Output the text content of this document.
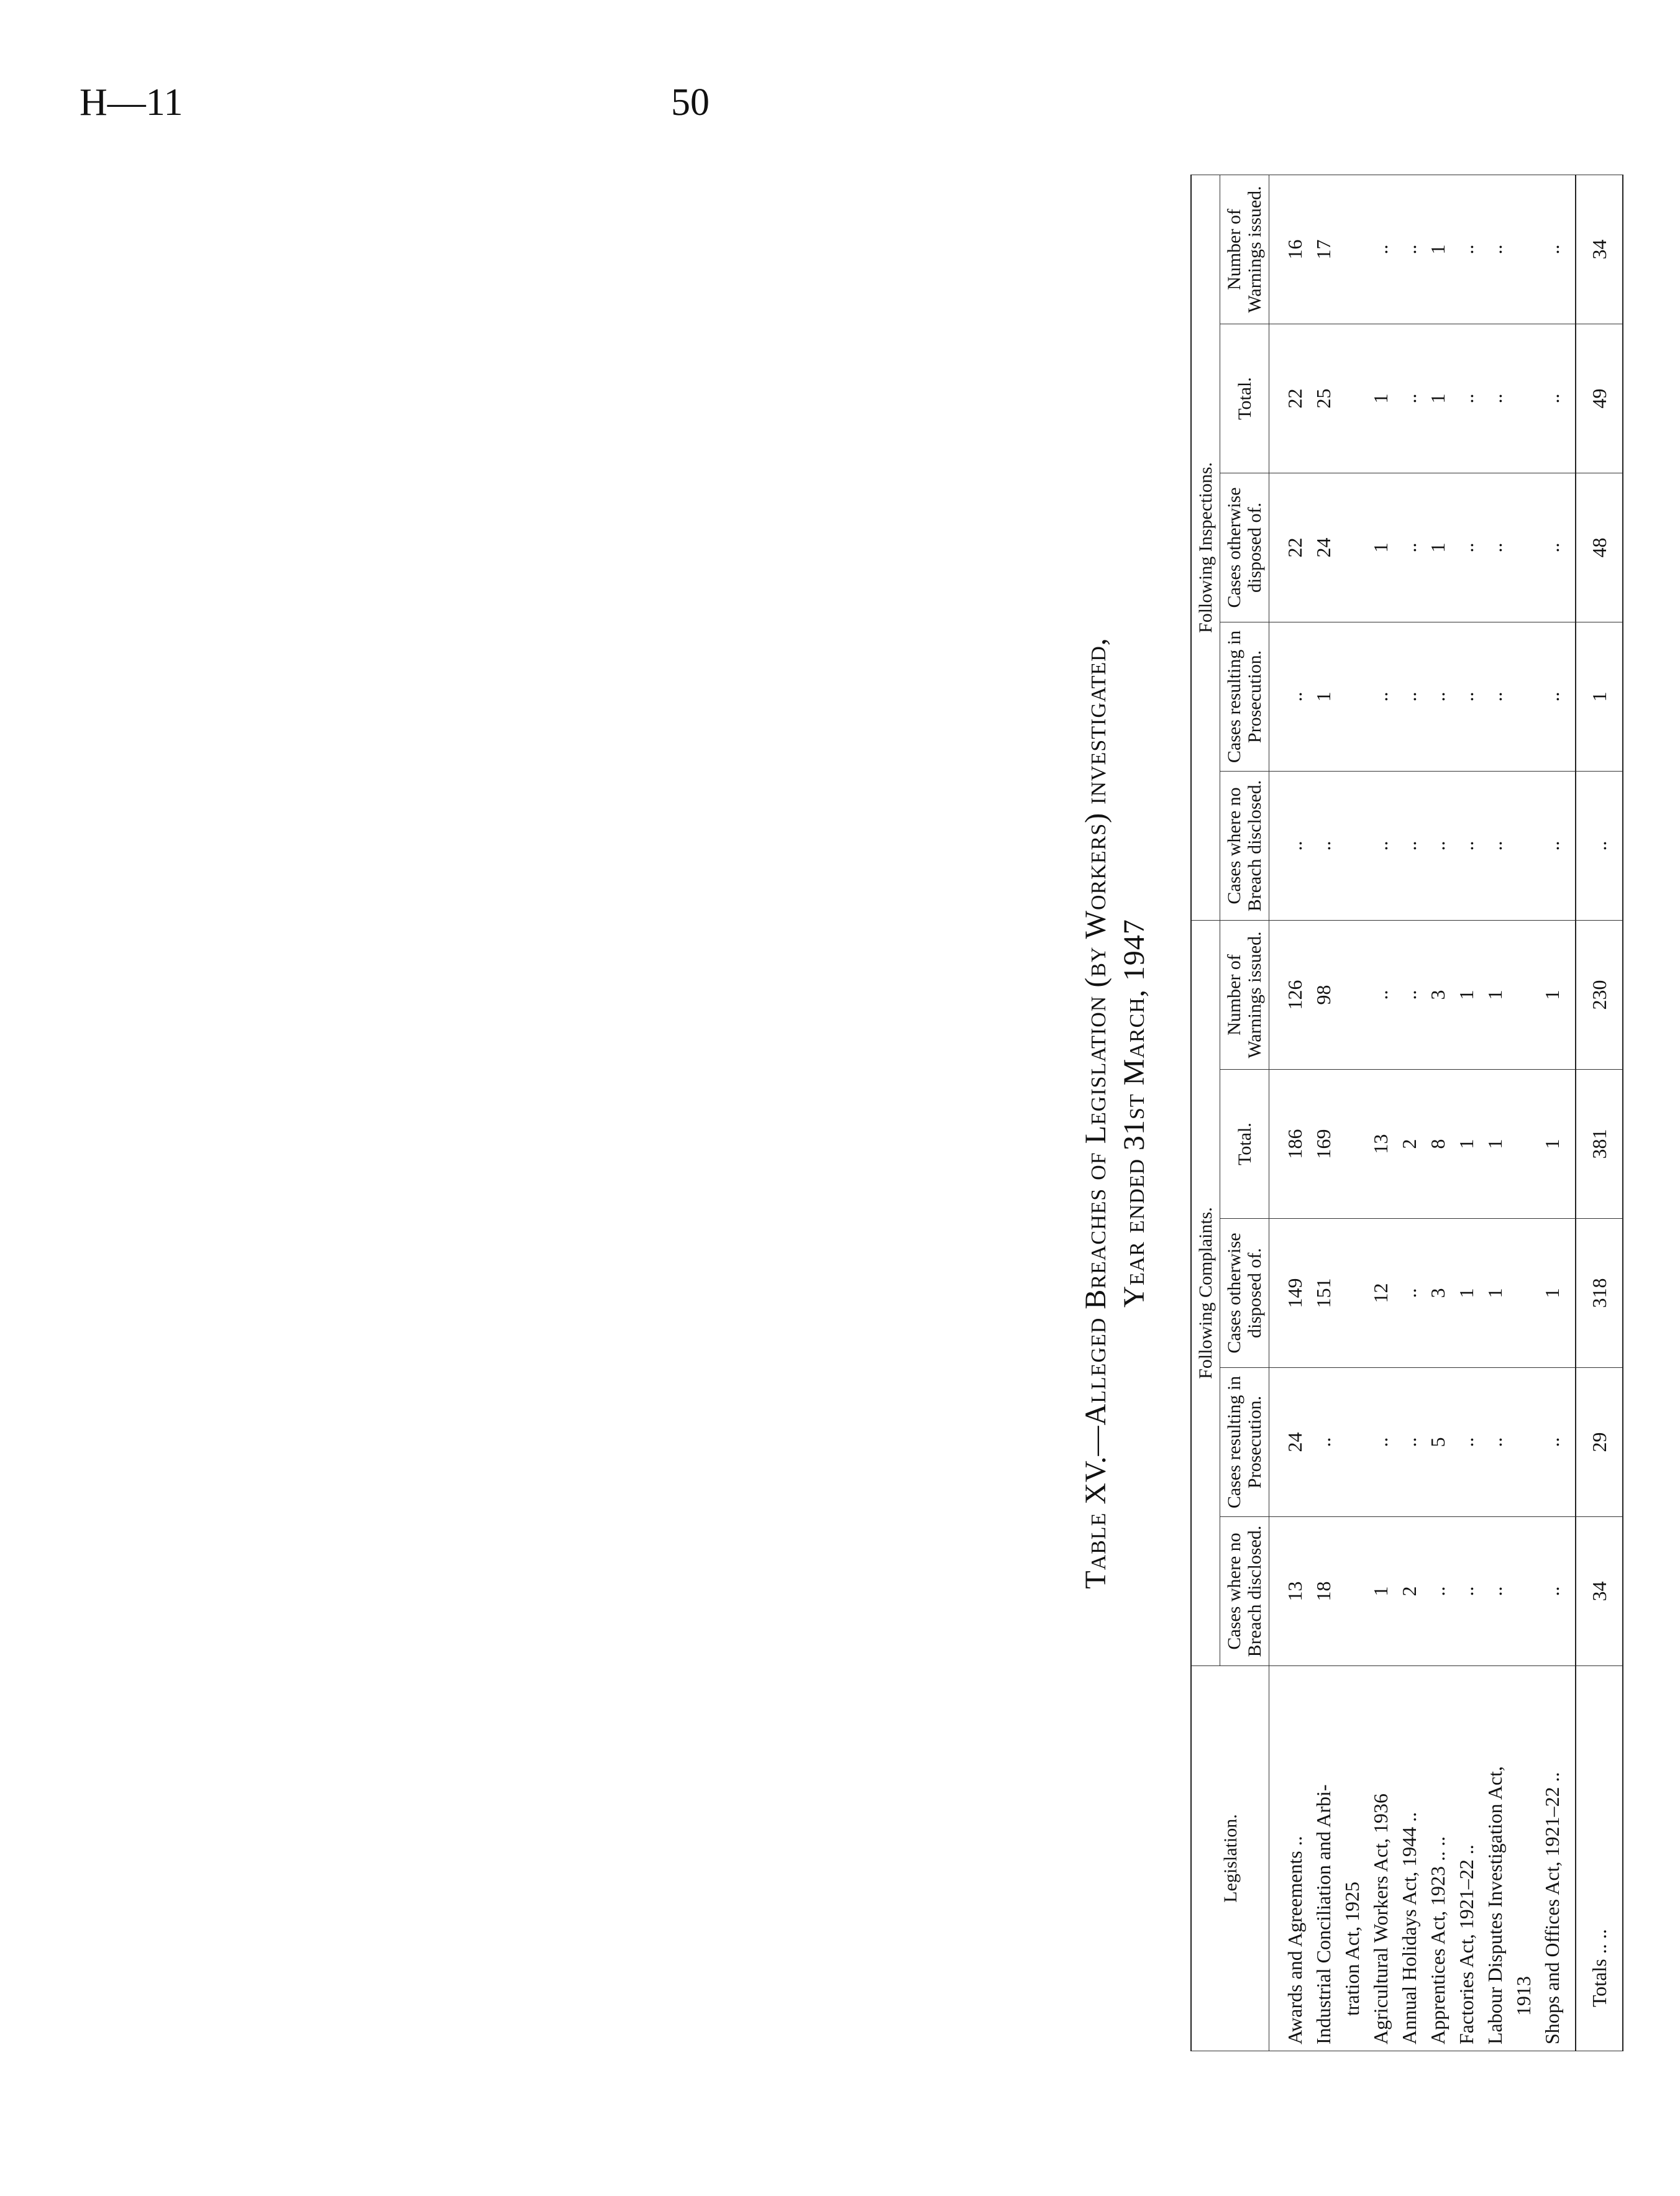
H—11	50
Table XV.—Alleged Breaches of Legislation (by Workers) investigated, Year ended 31st March, 1947
Legislation.	Following Complaints.					Following Inspections.				
	Cases where no Breach disclosed.	Cases resulting in Prosecution.	Cases otherwise disposed of.	Total.	Number of Warnings issued.	Cases where no Breach disclosed.	Cases resulting in Prosecution.	Cases otherwise disposed of.	Total.	Number of Warnings issued.
Awards and Agreements ..	13	24	149	186	126	..	..	22	22	16
Industrial Conciliation and Arbi-	18	..	151	169	98	..	1	24	25	17
tration Act, 1925										
Agricultural Workers Act, 1936	1	..	12	13	..	..	..	1	1	..
Annual Holidays Act, 1944 ..	2	..	..	2	..	..	..	..	..	..
Apprentices Act, 1923 .. ..	..	5	3	8	3	..	..	1	1	1
Factories Act, 1921–22 ..	..	..	1	1	1	..	..	..	..	..
Labour Disputes Investigation Act,	..	..	1	1	1	..	..	..	..	..
1913										
Shops and Offices Act, 1921–22 ..	..	..	1	1	1	..	..	..	..	..
Totals .. ..	34	29	318	381	230	..	1	48	49	34
